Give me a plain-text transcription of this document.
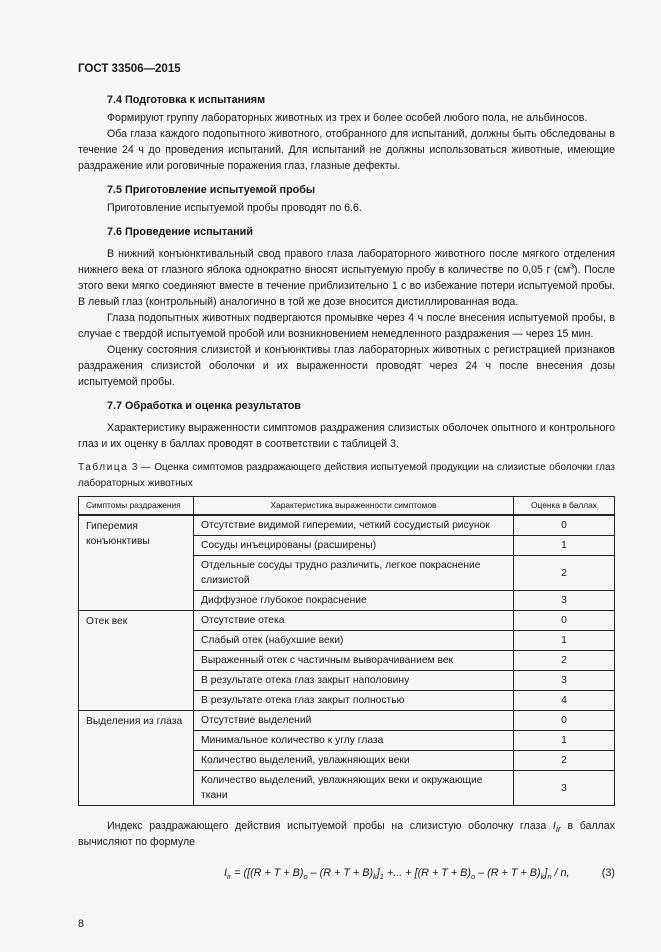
ГОСТ 33506—2015
7.4 Подготовка к испытаниям

Формируют группу лабораторных животных из трех и более особей любого пола, не альбиносов.

Оба глаза каждого подопытного животного, отобранного для испытаний, должны быть обследованы в течение 24 ч до проведения испытаний. Для испытаний не должны использоваться животные, имеющие раздражение или роговичные поражения глаз, глазные дефекты.

7.5 Приготовление испытуемой пробы

Приготовление испытуемой пробы проводят по 6.6.

7.6 Проведение испытаний

В нижний конъюнктивальный свод правого глаза лабораторного животного после мягкого отделения нижнего века от глазного яблока однократно вносят испытуемую пробу в количестве по 0,05 г $(см^3)$. После этого веки мягко соединяют вместе в течение приблизительно 1 с во избежание потери испытуемой пробы. В левый глаз (контрольный) аналогично в той же дозе вносится дистиллированная вода.

Глаза подопытных животных подвергаются промывке через 4 ч после внесения испытуемой пробы, в случае с твердой испытуемой пробой или возникновением немедленного раздражения — через 15 мин.

Оценку состояния слизистой и конъюнктивы глаз лабораторных животных с регистрацией признаков раздражения слизистой оболочки и их выраженности проводят через 24 ч после внесения дозы испытуемой пробы.

7.7 Обработка и оценка результатов

Характеристику выраженности симптомов раздражения слизистых оболочек опытного и контрольного глаз и их оценку в баллах проводят в соответствии с таблицей 3.

Таблица 3 — Оценка симптомов раздражающего действия испытуемой продукции на слизистые оболочки глаз лабораторных животных
Симптомы раздражения	Характеристика выраженности симптомов	Оценка в баллах
Гиперемия конъюнктивы	Отсутствие видимой гиперемии, четкий сосудистый рисунок	0
	Сосуды инъецированы (расширены)	1
	Отдельные сосуды трудно различить, легкое покраснение слизистой	2
	Диффузное глубокое покраснение	3
Отек век	Отсутствие отека	0
	Слабый отек (набухшие веки)	1
	Выраженный отек с частичным выворачиванием век	2
	В результате отека глаз закрыт наполовину	3
	В результате отека глаз закрыт полностью	4
Выделения из глаза	Отсутствие выделений	0
	Минимальное количество к углу глаза	1
	Количество выделений, увлажняющих веки	2
	Количество выделений, увлажняющих веки и окружающие ткани	3

Индекс раздражающего действия испытуемой пробы на слизистую оболочку глаза $I_{ir}$ в баллах вычисляют по формуле

$I_{ir} = ([(R + T + B)_o - (R + T + B)_k]_1$ +... + $[(R + T + B)_o - (R + T + B)_k]_n / n$,	(3)
8
